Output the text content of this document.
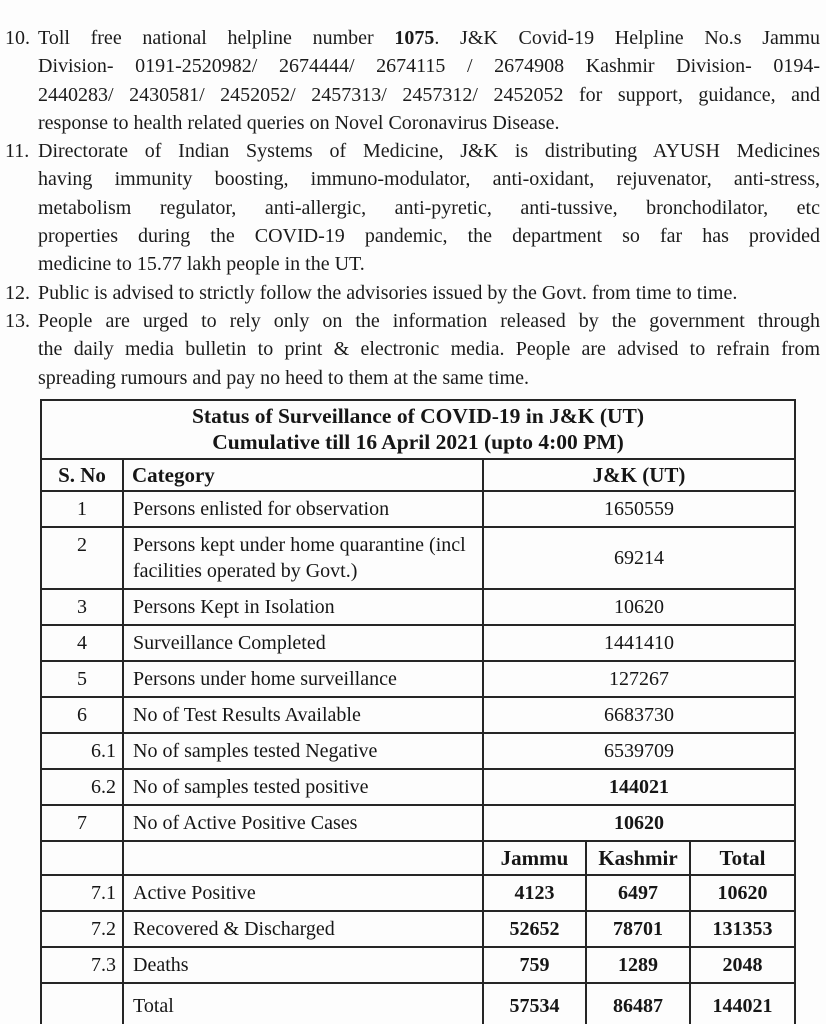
10. Toll free national helpline number 1075. J&K Covid-19 Helpline No.s Jammu
Division- 0191-2520982/ 2674444/ 2674115 / 2674908 Kashmir Division- 0194-
2440283/ 2430581/ 2452052/ 2457313/ 2457312/ 2452052 for support, guidance, and
response to health related queries on Novel Coronavirus Disease.
11. Directorate of Indian Systems of Medicine, J&K is distributing AYUSH Medicines
having immunity boosting, immuno-modulator, anti-oxidant, rejuvenator, anti-stress,
metabolism regulator, anti-allergic, anti-pyretic, anti-tussive, bronchodilator, etc
properties during the COVID-19 pandemic, the department so far has provided
medicine to 15.77 lakh people in the UT.
12. Public is advised to strictly follow the advisories issued by the Govt. from time to time.
13. People are urged to rely only on the information released by the government through
the daily media bulletin to print & electronic media. People are advised to refrain from
spreading rumours and pay no heed to them at the same time.
Status of Surveillance of COVID-19 in J&K (UT)
Cumulative till 16 April 2021 (upto 4:00 PM)				

S. No	Category	J&K (UT)		
1	Persons enlisted for observation	1650559		
2	Persons kept under home quarantine (incl facilities operated by Govt.)	69214		
3	Persons Kept in Isolation	10620		
4	Surveillance Completed	1441410		
5	Persons under home surveillance	127267		
6	No of Test Results Available	6683730		
6.1	No of samples tested Negative	6539709		
6.2	No of samples tested positive	144021		
7	No of Active Positive Cases	10620		
		Jammu	Kashmir	Total
7.1	Active Positive	4123	6497	10620
7.2	Recovered & Discharged	52652	78701	131353
7.3	Deaths	759	1289	2048
	Total	57534	86487	144021
